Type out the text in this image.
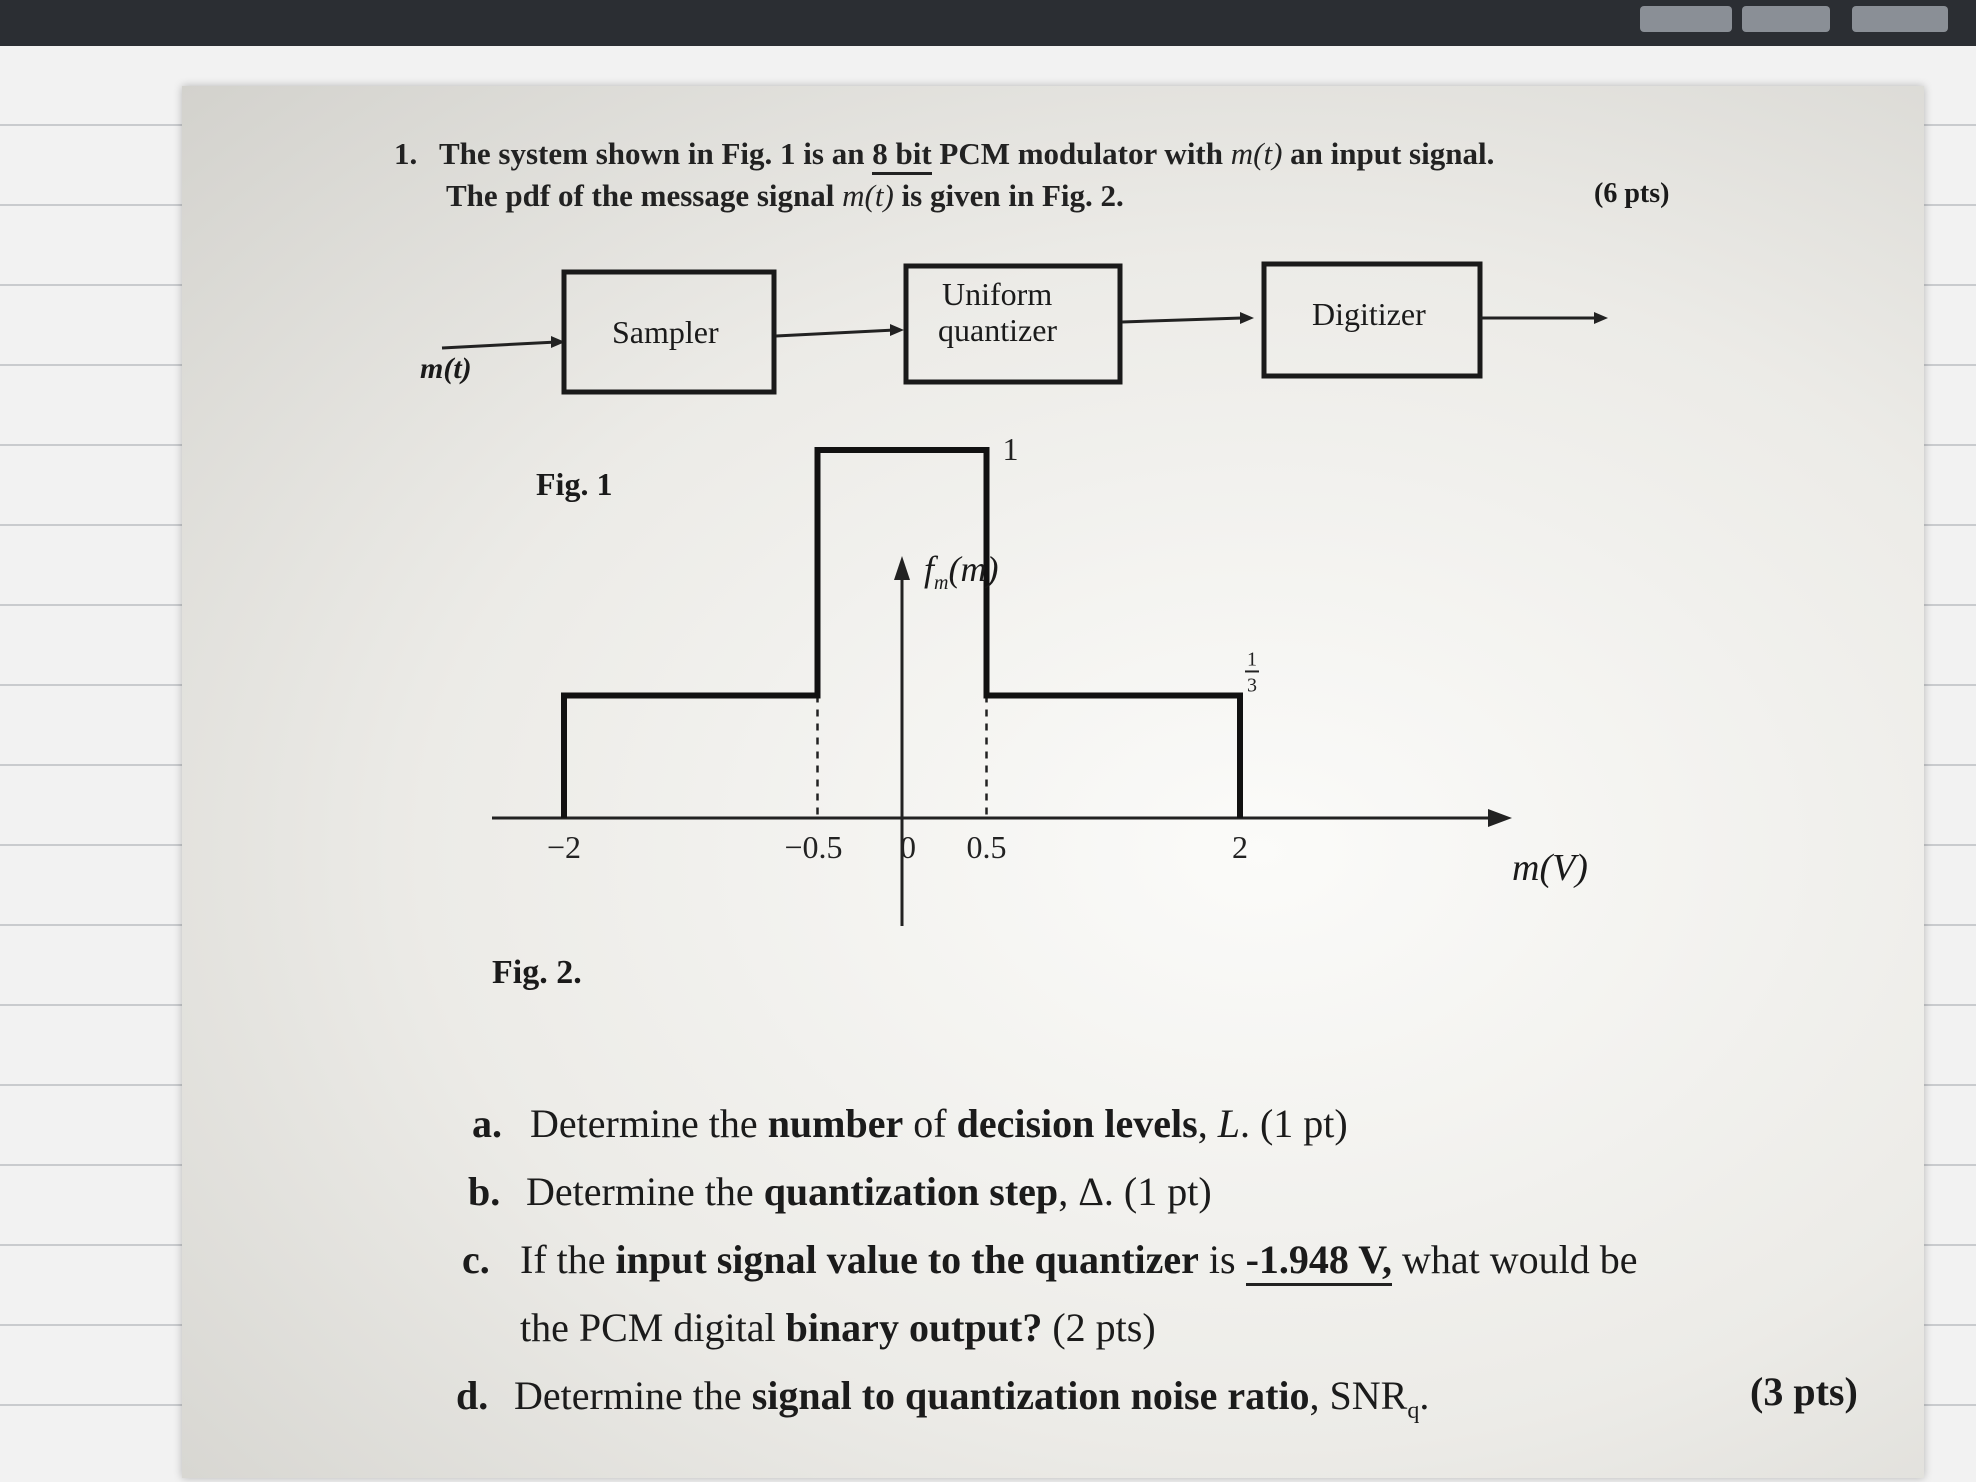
1. The system shown in Fig. 1 is an 8 bit PCM modulator with m(t) an input signal.
The pdf of the message signal m(t) is given in Fig. 2.	(6 pts)
m(t)
Sampler
Uniform
quantizer	Digitizer
Fig. 1
−2	−0.5 0 0.5	2
1
1
3
$f_m(m)$
m(V)
Fig. 2.
a. Determine the number of decision levels, L. (1 pt)
b. Determine the quantization step, Δ. (1 pt)
c. If the input signal value to the quantizer is -1.948 V, what would be
the PCM digital binary output? (2 pts)
d. Determine the signal to quantization noise ratio, $SNR_q$.	(3 pts)
